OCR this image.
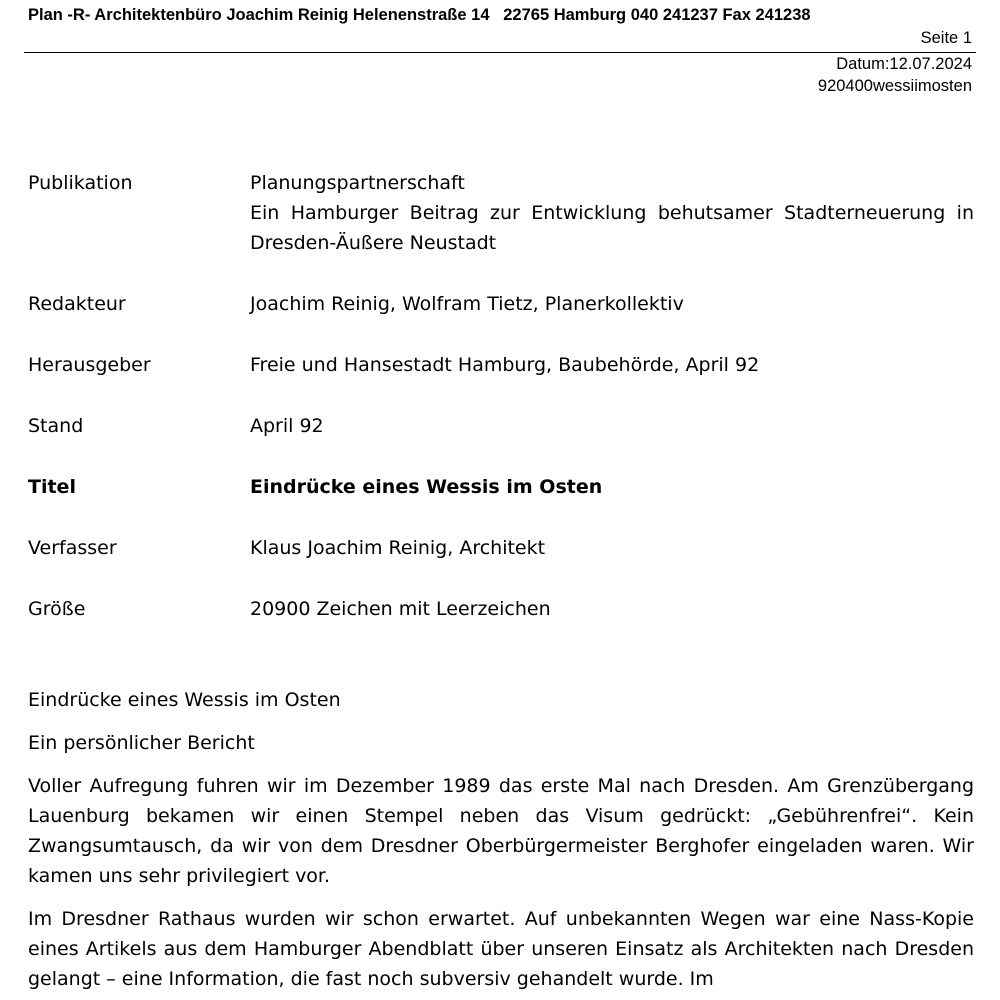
Plan -R- Architektenbüro Joachim Reinig Helenenstraße 14   22765 Hamburg 040 241237 Fax 241238
Seite 1
Datum:12.07.2024
920400wessiimosten
Publikation	Planungspartnerschaft
Ein Hamburger Beitrag zur Entwicklung behutsamer Stadterneuerung in Dresden-Äußere Neustadt
Redakteur	Joachim Reinig, Wolfram Tietz, Planerkollektiv
Herausgeber	Freie und Hansestadt Hamburg, Baubehörde, April 92
Stand	April 92
Titel	Eindrücke eines Wessis im Osten
Verfasser	Klaus Joachim Reinig, Architekt
Größe	20900 Zeichen mit Leerzeichen

Eindrücke eines Wessis im Osten

Ein persönlicher Bericht

Voller Aufregung fuhren wir im Dezember 1989 das erste Mal nach Dresden. Am Grenzübergang Lauenburg bekamen wir einen Stempel neben das Visum gedrückt: „Gebührenfrei“. Kein Zwangsumtausch, da wir von dem Dresdner Oberbürgermeister Berghofer eingeladen waren. Wir kamen uns sehr privilegiert vor.

Im Dresdner Rathaus wurden wir schon erwartet. Auf unbekannten Wegen war eine Nass-Kopie eines Artikels aus dem Hamburger Abendblatt über unseren Einsatz als Architekten nach Dresden gelangt – eine Information, die fast noch subversiv gehandelt wurde. Im
